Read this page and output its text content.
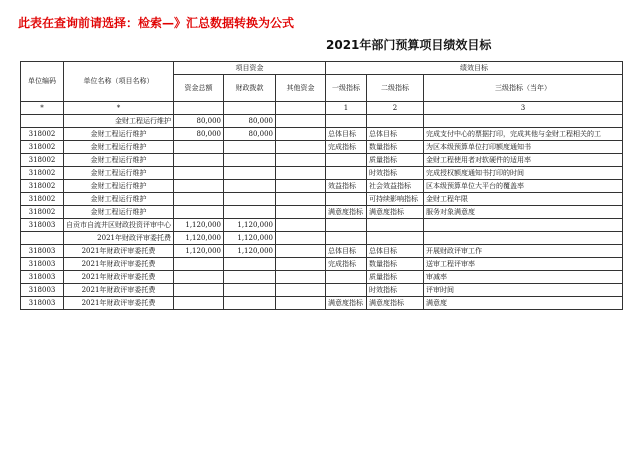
此表在查询前请选择：检索—》汇总数据转换为公式
2021年部门预算项目绩效目标
单位编码	单位名称（项目名称）	项目资金			绩效目标		
		资金总额	财政拨款	其他资金	一级指标	二级指标	三级指标（当年）
*	*				1	2	3
	金财工程运行维护	80,000	80,000				
318002	金财工程运行维护	80,000	80,000		总体目标	总体目标	完成支付中心的票据打印，完成其他与金财工程相关的工
318002	金财工程运行维护				完成指标	数量指标	为区本级预算单位打印额度通知书
318002	金财工程运行维护					质量指标	金财工程使用者对软硬件的适用率
318002	金财工程运行维护					时效指标	完成授权额度通知书打印的时间
318002	金财工程运行维护				效益指标	社会效益指标	区本级预算单位大平台的覆盖率
318002	金财工程运行维护					可持续影响指标	金财工程年限
318002	金财工程运行维护				满意度指标	满意度指标	服务对象满意度
318003	自贡市自流井区财政投资评审中心	1,120,000	1,120,000				
	2021年财政评审委托费	1,120,000	1,120,000				
318003	2021年财政评审委托费	1,120,000	1,120,000		总体目标	总体目标	开展财政评审工作
318003	2021年财政评审委托费				完成指标	数量指标	送审工程评审率
318003	2021年财政评审委托费					质量指标	审减率
318003	2021年财政评审委托费					时效指标	评审时间
318003	2021年财政评审委托费				满意度指标	满意度指标	满意度
